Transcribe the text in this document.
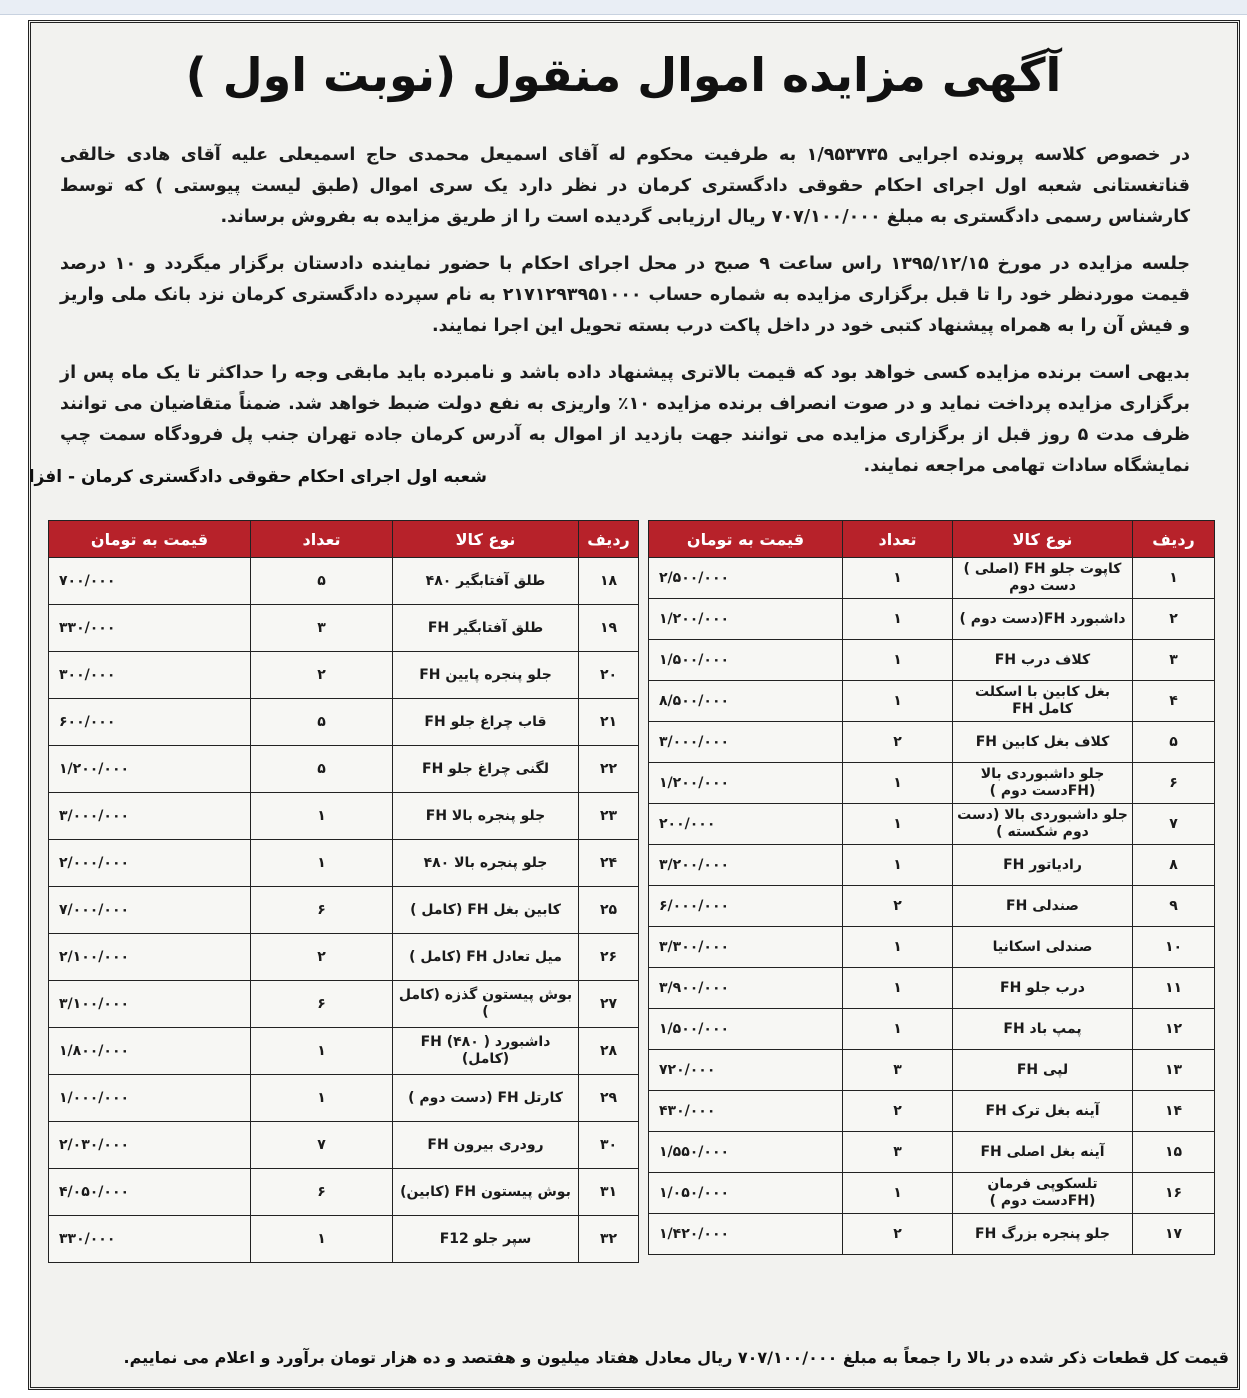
آگهی مزایده اموال منقول (نوبت اول )
در خصوص کلاسه پرونده اجرایی ۱/۹۵۳۷۳۵ به طرفیت محکوم له آقای اسمیعل محمدی حاج اسمیعلی علیه آقای هادی خالقی قناتغستانی شعبه اول اجرای احکام حقوقی دادگستری کرمان در نظر دارد یک سری اموال (طبق لیست پیوستی ) که توسط کارشناس رسمی دادگستری به مبلغ ۷۰۷/۱۰۰/۰۰۰ ریال ارزیابی گردیده است را از طریق مزایده به بفروش برساند.
جلسه مزایده در مورخ ۱۳۹۵/۱۲/۱۵ راس ساعت ۹ صبح در محل اجرای احکام با حضور نماینده دادستان برگزار میگردد و ۱۰ درصد قیمت موردنظر خود را تا قبل برگزاری مزایده به شماره حساب ۲۱۷۱۲۹۳۹۵۱۰۰۰ به نام سپرده دادگستری کرمان نزد بانک ملی واریز و فیش آن را به همراه پیشنهاد کتبی خود در داخل پاکت درب بسته تحویل این اجرا نمایند.
بدیهی است برنده مزایده کسی خواهد بود که قیمت بالاتری پیشنهاد داده باشد و نامبرده باید مابقی وجه را حداکثر تا یک ماه پس از برگزاری مزایده پرداخت نماید و در صوت انصراف برنده مزایده ۱۰٪ واریزی به نفع دولت ضبط خواهد شد. ضمناً متقاضیان می توانند ظرف مدت ۵ روز قبل از برگزاری مزایده می توانند جهت بازدید از اموال به آدرس کرمان جاده تهران جنب پل فرودگاه سمت چپ نمایشگاه سادات تهامی مراجعه نمایند.
شعبه اول اجرای احکام حقوقی دادگستری کرمان - افزا
ردیف	نوع کالا	تعداد	قیمت به تومان
۱	کاپوت جلو FH (اصلی ) دست دوم	۱	۲/۵۰۰/۰۰۰
۲	داشبورد FH(دست دوم )	۱	۱/۲۰۰/۰۰۰
۳	کلاف درب FH	۱	۱/۵۰۰/۰۰۰
۴	بغل کابین با اسکلت کامل FH	۱	۸/۵۰۰/۰۰۰
۵	کلاف بغل کابین FH	۲	۳/۰۰۰/۰۰۰
۶	جلو داشبوردی بالا (FHدست دوم )	۱	۱/۲۰۰/۰۰۰
۷	جلو داشبوردی بالا (دست دوم شکسته )	۱	۲۰۰/۰۰۰
۸	رادیاتور FH	۱	۳/۲۰۰/۰۰۰
۹	صندلی FH	۲	۶/۰۰۰/۰۰۰
۱۰	صندلی اسکانیا	۱	۳/۳۰۰/۰۰۰
۱۱	درب جلو FH	۱	۳/۹۰۰/۰۰۰
۱۲	پمپ باد FH	۱	۱/۵۰۰/۰۰۰
۱۳	لپی FH	۳	۷۲۰/۰۰۰
۱۴	آینه بغل ترک FH	۲	۴۳۰/۰۰۰
۱۵	آینه بغل اصلی FH	۳	۱/۵۵۰/۰۰۰
۱۶	تلسکوپی فرمان (FHدست دوم )	۱	۱/۰۵۰/۰۰۰
۱۷	جلو پنجره بزرگ FH	۲	۱/۴۲۰/۰۰۰
ردیف	نوع کالا	تعداد	قیمت به تومان
۱۸	طلق آفتابگیر ۴۸۰	۵	۷۰۰/۰۰۰
۱۹	طلق آفتابگیر FH	۳	۳۳۰/۰۰۰
۲۰	جلو پنجره پایین FH	۲	۳۰۰/۰۰۰
۲۱	قاب چراغ جلو FH	۵	۶۰۰/۰۰۰
۲۲	لگنی چراغ جلو FH	۵	۱/۲۰۰/۰۰۰
۲۳	جلو پنجره بالا FH	۱	۳/۰۰۰/۰۰۰
۲۴	جلو پنجره بالا ۴۸۰	۱	۲/۰۰۰/۰۰۰
۲۵	کابین بغل FH (کامل )	۶	۷/۰۰۰/۰۰۰
۲۶	میل تعادل FH (کامل )	۲	۲/۱۰۰/۰۰۰
۲۷	بوش پیستون گذزه (کامل )	۶	۳/۱۰۰/۰۰۰
۲۸	داشبورد FH (۴۸۰ ) (کامل)	۱	۱/۸۰۰/۰۰۰
۲۹	کارتل FH (دست دوم )	۱	۱/۰۰۰/۰۰۰
۳۰	رودری بیرون FH	۷	۲/۰۳۰/۰۰۰
۳۱	بوش پیستون FH (کابین)	۶	۴/۰۵۰/۰۰۰
۳۲	سپر جلو F12	۱	۳۳۰/۰۰۰
قیمت کل قطعات ذکر شده در بالا را جمعاً به مبلغ ۷۰۷/۱۰۰/۰۰۰ ریال معادل هفتاد میلیون و هفتصد و ده هزار تومان برآورد و اعلام می نماییم.
